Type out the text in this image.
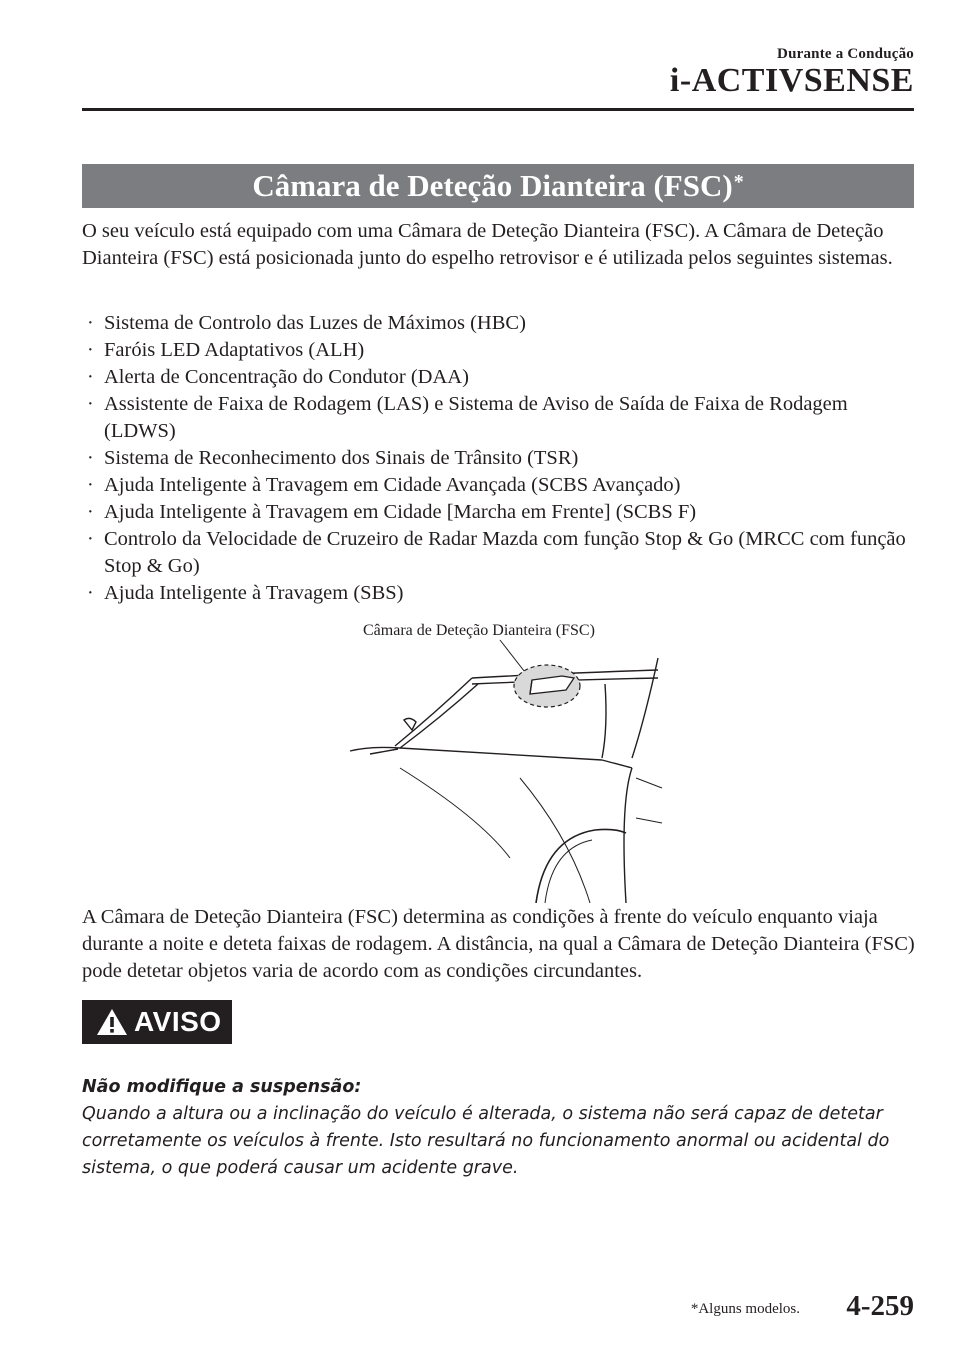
Durante a Condução
i-ACTIVSENSE
Câmara de Deteção Dianteira (FSC)*
O seu veículo está equipado com uma Câmara de Deteção Dianteira (FSC). A Câmara de Deteção Dianteira (FSC) está posicionada junto do espelho retrovisor e é utilizada pelos seguintes sistemas.
· Sistema de Controlo das Luzes de Máximos (HBC)
· Faróis LED Adaptativos (ALH)
· Alerta de Concentração do Condutor (DAA)
· Assistente de Faixa de Rodagem (LAS) e Sistema de Aviso de Saída de Faixa de Rodagem (LDWS)
· Sistema de Reconhecimento dos Sinais de Trânsito (TSR)
· Ajuda Inteligente à Travagem em Cidade Avançada (SCBS Avançado)
· Ajuda Inteligente à Travagem em Cidade [Marcha em Frente] (SCBS F)
· Controlo da Velocidade de Cruzeiro de Radar Mazda com função Stop & Go (MRCC com função Stop & Go)
· Ajuda Inteligente à Travagem (SBS)
Câmara de Deteção Dianteira (FSC)
A Câmara de Deteção Dianteira (FSC) determina as condições à frente do veículo enquanto viaja durante a noite e deteta faixas de rodagem. A distância, na qual a Câmara de Deteção Dianteira (FSC) pode detetar objetos varia de acordo com as condições circundantes.
AVISO
Não modifique a suspensão:
Quando a altura ou a inclinação do veículo é alterada, o sistema não será capaz de detetar corretamente os veículos à frente. Isto resultará no funcionamento anormal ou acidental do sistema, o que poderá causar um acidente grave.
*Alguns modelos. 4-259
